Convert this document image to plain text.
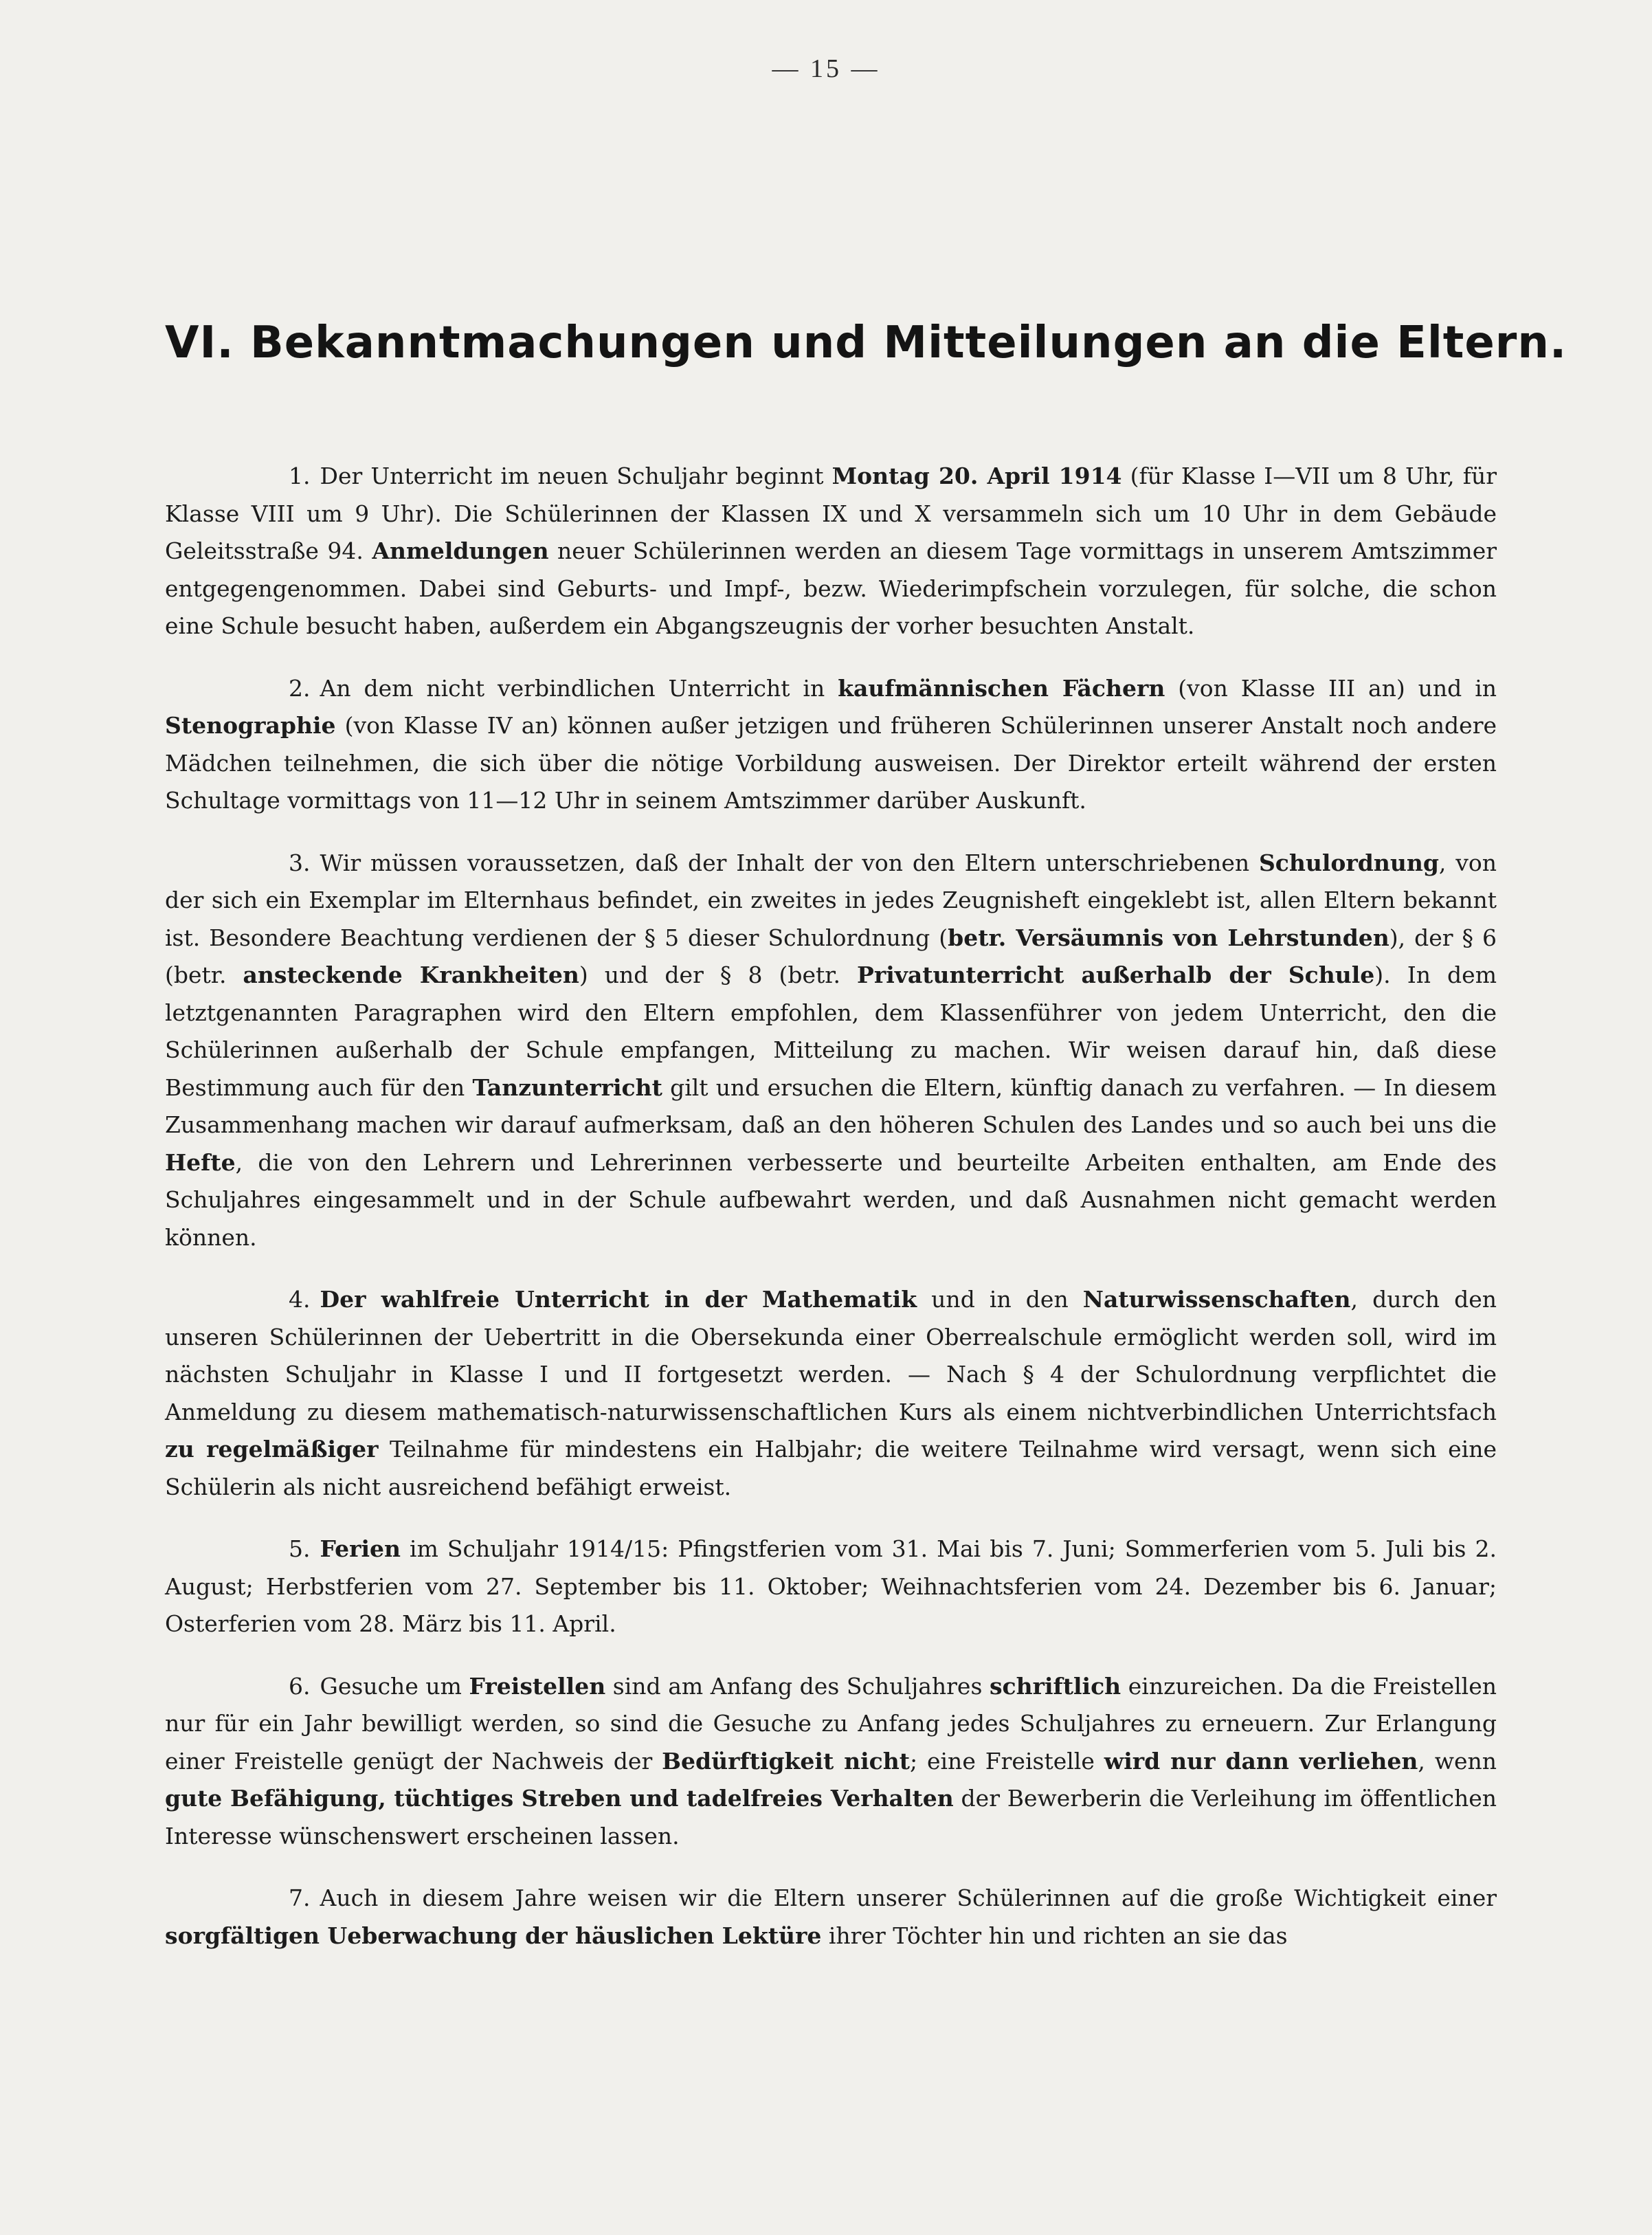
— 15 —
VI. Bekanntmachungen und Mitteilungen an die Eltern.

1. Der Unterricht im neuen Schuljahr beginnt Montag 20. April 1914 (für Klasse I—VII um 8 Uhr, für Klasse VIII um 9 Uhr). Die Schülerinnen der Klassen IX und X versammeln sich um 10 Uhr in dem Gebäude Geleitsstraße 94. Anmeldungen neuer Schülerinnen werden an diesem Tage vormittags in unserem Amtszimmer entgegengenommen. Dabei sind Geburts- und Impf-, bezw. Wiederimpfschein vorzulegen, für solche, die schon eine Schule besucht haben, außerdem ein Abgangszeugnis der vorher besuchten Anstalt.

2. An dem nicht verbindlichen Unterricht in kaufmännischen Fächern (von Klasse III an) und in Stenographie (von Klasse IV an) können außer jetzigen und früheren Schülerinnen unserer Anstalt noch andere Mädchen teilnehmen, die sich über die nötige Vorbildung ausweisen. Der Direktor erteilt während der ersten Schultage vormittags von 11—12 Uhr in seinem Amtszimmer darüber Auskunft.

3. Wir müssen voraussetzen, daß der Inhalt der von den Eltern unterschriebenen Schulordnung, von der sich ein Exemplar im Elternhaus befindet, ein zweites in jedes Zeugnisheft eingeklebt ist, allen Eltern bekannt ist. Besondere Beachtung verdienen der § 5 dieser Schulordnung (betr. Versäumnis von Lehrstunden), der § 6 (betr. ansteckende Krankheiten) und der § 8 (betr. Privatunterricht außerhalb der Schule). In dem letztgenannten Paragraphen wird den Eltern empfohlen, dem Klassenführer von jedem Unterricht, den die Schülerinnen außerhalb der Schule empfangen, Mitteilung zu machen. Wir weisen darauf hin, daß diese Bestimmung auch für den Tanzunterricht gilt und ersuchen die Eltern, künftig danach zu verfahren. — In diesem Zusammenhang machen wir darauf aufmerksam, daß an den höheren Schulen des Landes und so auch bei uns die Hefte, die von den Lehrern und Lehrerinnen verbesserte und beurteilte Arbeiten enthalten, am Ende des Schuljahres eingesammelt und in der Schule aufbewahrt werden, und daß Ausnahmen nicht gemacht werden können.

4. Der wahlfreie Unterricht in der Mathematik und in den Naturwissenschaften, durch den unseren Schülerinnen der Uebertritt in die Obersekunda einer Oberrealschule ermöglicht werden soll, wird im nächsten Schuljahr in Klasse I und II fortgesetzt werden. — Nach § 4 der Schulordnung verpflichtet die Anmeldung zu diesem mathematisch-naturwissenschaftlichen Kurs als einem nichtverbindlichen Unterrichtsfach zu regelmäßiger Teilnahme für mindestens ein Halbjahr; die weitere Teilnahme wird versagt, wenn sich eine Schülerin als nicht ausreichend befähigt erweist.

5. Ferien im Schuljahr 1914/15: Pfingstferien vom 31. Mai bis 7. Juni; Sommerferien vom 5. Juli bis 2. August; Herbstferien vom 27. September bis 11. Oktober; Weihnachtsferien vom 24. Dezember bis 6. Januar; Osterferien vom 28. März bis 11. April.

6. Gesuche um Freistellen sind am Anfang des Schuljahres schriftlich einzureichen. Da die Freistellen nur für ein Jahr bewilligt werden, so sind die Gesuche zu Anfang jedes Schuljahres zu erneuern. Zur Erlangung einer Freistelle genügt der Nachweis der Bedürftigkeit nicht; eine Freistelle wird nur dann verliehen, wenn gute Befähigung, tüchtiges Streben und tadelfreies Verhalten der Bewerberin die Verleihung im öffentlichen Interesse wünschenswert erscheinen lassen.

7. Auch in diesem Jahre weisen wir die Eltern unserer Schülerinnen auf die große Wichtigkeit einer sorgfältigen Ueberwachung der häuslichen Lektüre ihrer Töchter hin und richten an sie das
